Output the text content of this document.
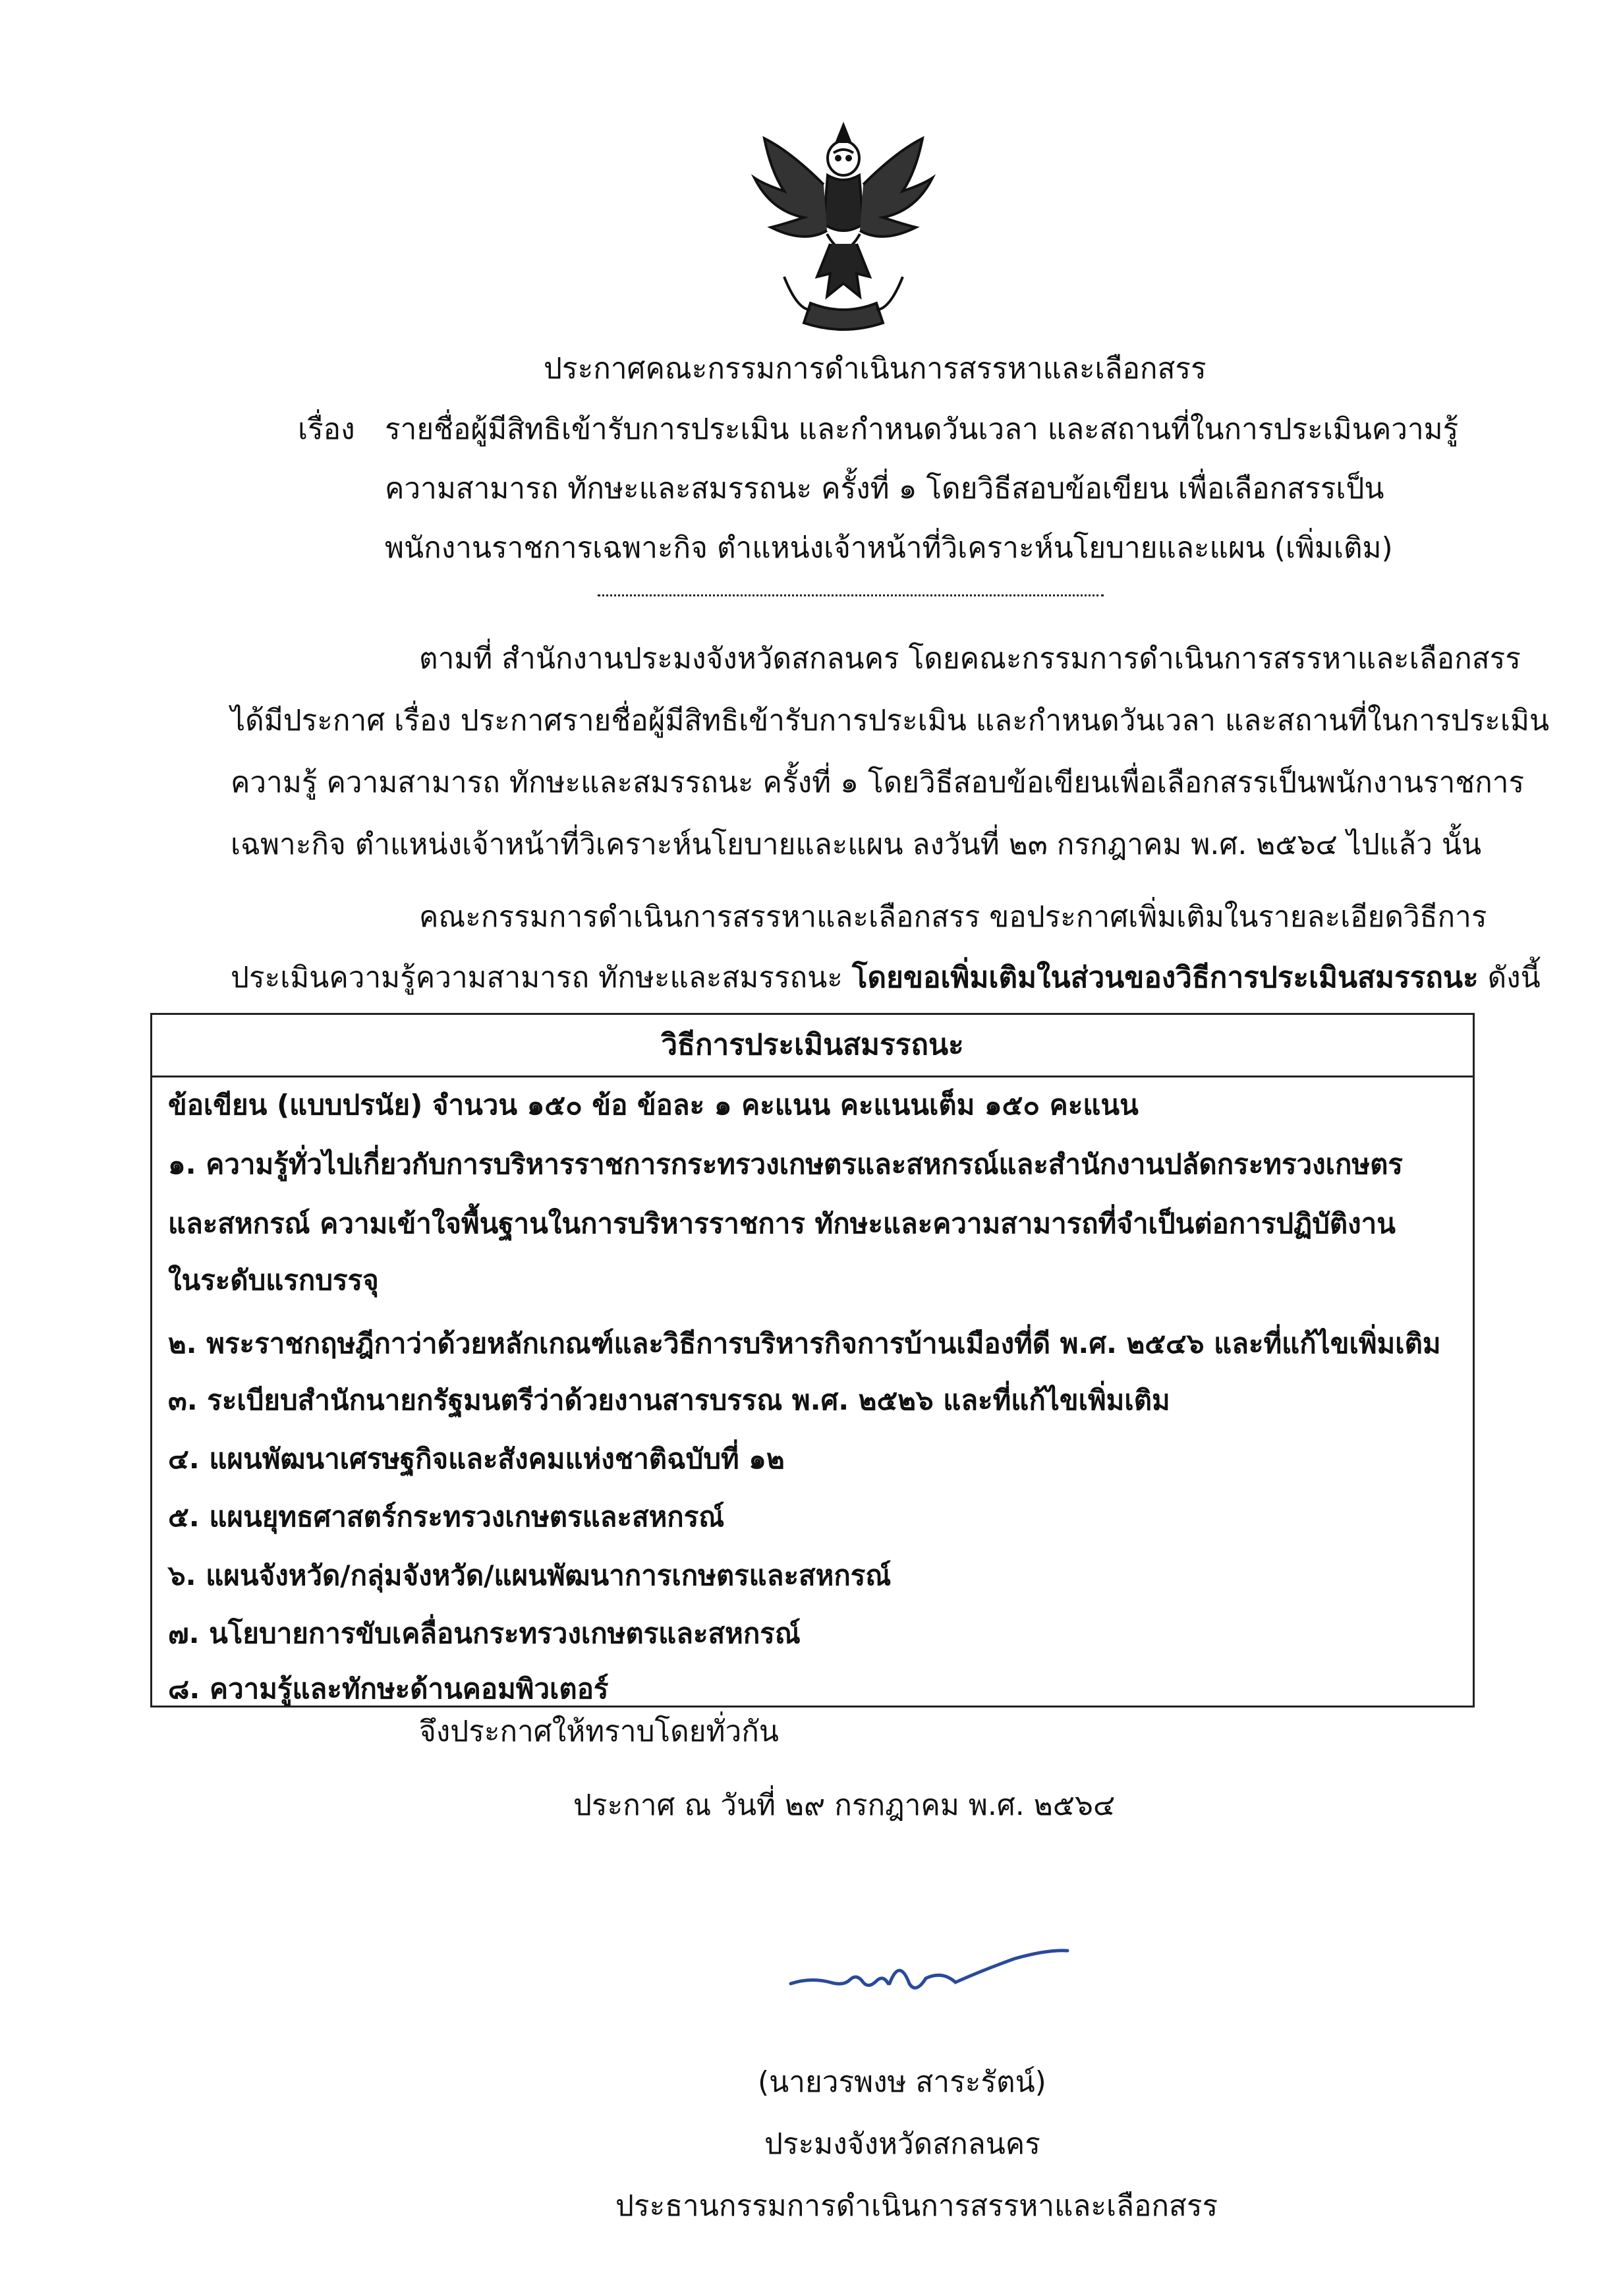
ประกาศคณะกรรมการดำเนินการสรรหาและเลือกสรร
เรื่อง รายชื่อผู้มีสิทธิเข้ารับการประเมิน และกำหนดวันเวลา และสถานที่ในการประเมินความรู้
ความสามารถ ทักษะและสมรรถนะ ครั้งที่ ๑ โดยวิธีสอบข้อเขียน เพื่อเลือกสรรเป็น
พนักงานราชการเฉพาะกิจ ตำแหน่งเจ้าหน้าที่วิเคราะห์นโยบายและแผน (เพิ่มเติม)
ตามที่ สำนักงานประมงจังหวัดสกลนคร โดยคณะกรรมการดำเนินการสรรหาและเลือกสรร
ได้มีประกาศ เรื่อง ประกาศรายชื่อผู้มีสิทธิเข้ารับการประเมิน และกำหนดวันเวลา และสถานที่ในการประเมิน
ความรู้ ความสามารถ ทักษะและสมรรถนะ ครั้งที่ ๑ โดยวิธีสอบข้อเขียนเพื่อเลือกสรรเป็นพนักงานราชการ
เฉพาะกิจ ตำแหน่งเจ้าหน้าที่วิเคราะห์นโยบายและแผน ลงวันที่ ๒๓ กรกฎาคม พ.ศ. ๒๕๖๔ ไปแล้ว นั้น
คณะกรรมการดำเนินการสรรหาและเลือกสรร ขอประกาศเพิ่มเติมในรายละเอียดวิธีการ
ประเมินความรู้ความสามารถ ทักษะและสมรรถนะ โดยขอเพิ่มเติมในส่วนของวิธีการประเมินสมรรถนะ ดังนี้
วิธีการประเมินสมรรถนะ
ข้อเขียน (แบบปรนัย) จำนวน ๑๕๐ ข้อ ข้อละ ๑ คะแนน คะแนนเต็ม ๑๕๐ คะแนน
๑. ความรู้ทั่วไปเกี่ยวกับการบริหารราชการกระทรวงเกษตรและสหกรณ์และสำนักงานปลัดกระทรวงเกษตร
และสหกรณ์ ความเข้าใจพื้นฐานในการบริหารราชการ ทักษะและความสามารถที่จำเป็นต่อการปฏิบัติงาน
ในระดับแรกบรรจุ
๒. พระราชกฤษฎีกาว่าด้วยหลักเกณฑ์และวิธีการบริหารกิจการบ้านเมืองที่ดี พ.ศ. ๒๕๔๖ และที่แก้ไขเพิ่มเติม
๓. ระเบียบสำนักนายกรัฐมนตรีว่าด้วยงานสารบรรณ พ.ศ. ๒๕๒๖ และที่แก้ไขเพิ่มเติม
๔. แผนพัฒนาเศรษฐกิจและสังคมแห่งชาติฉบับที่ ๑๒
๕. แผนยุทธศาสตร์กระทรวงเกษตรและสหกรณ์
๖. แผนจังหวัด/กลุ่มจังหวัด/แผนพัฒนาการเกษตรและสหกรณ์
๗. นโยบายการขับเคลื่อนกระทรวงเกษตรและสหกรณ์
๘. ความรู้และทักษะด้านคอมพิวเตอร์
จึงประกาศให้ทราบโดยทั่วกัน
ประกาศ ณ วันที่ ๒๙ กรกฎาคม พ.ศ. ๒๕๖๔
(นายวรพงษ สาระรัตน์)
ประมงจังหวัดสกลนคร
ประธานกรรมการดำเนินการสรรหาและเลือกสรร
